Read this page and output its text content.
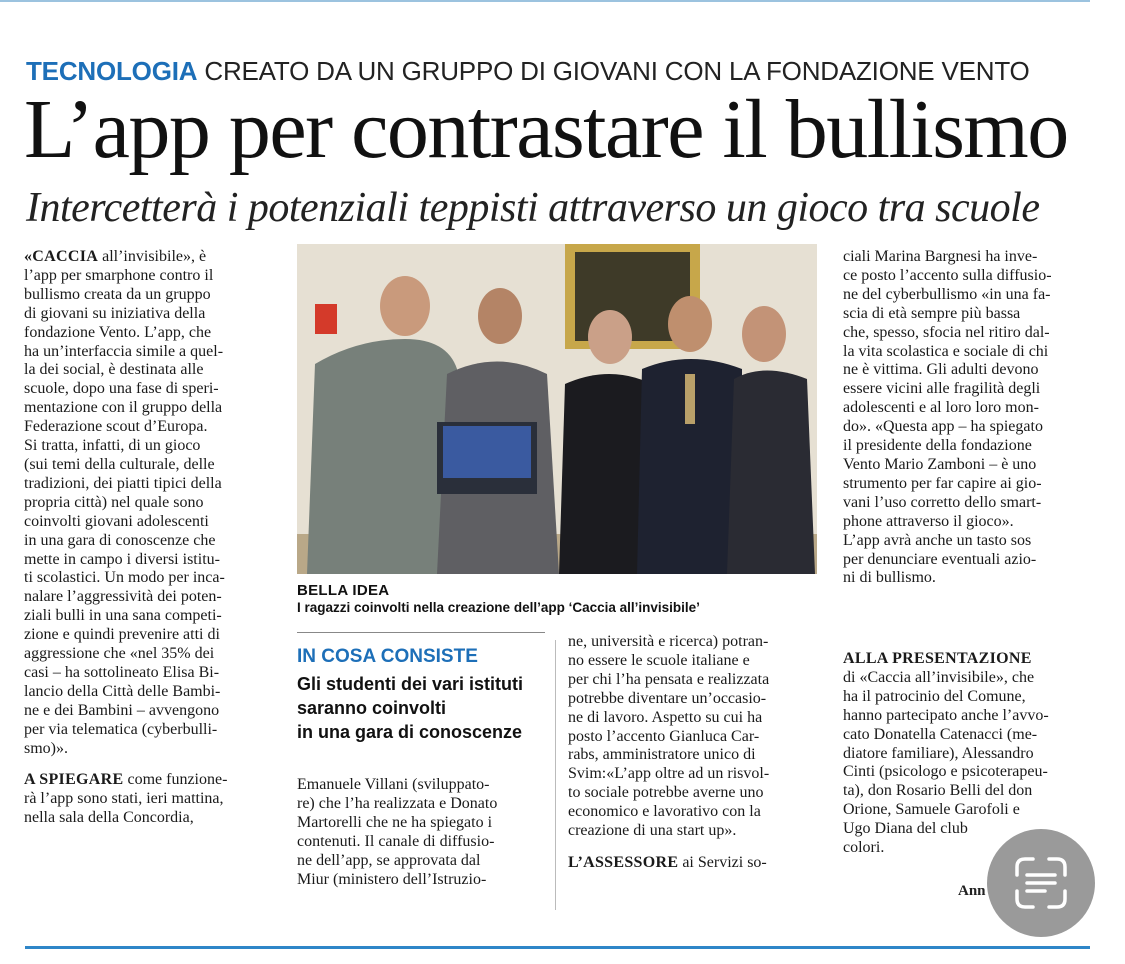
TECNOLOGIA CREATO DA UN GRUPPO DI GIOVANI CON LA FONDAZIONE VENTO
L’app per contrastare il bullismo
Intercetterà i potenziali teppisti attraverso un gioco tra scuole
«CACCIA all’invisibile», è
l’app per smarphone contro il
bullismo creata da un gruppo
di giovani su iniziativa della
fondazione Vento. L’app, che
ha un’interfaccia simile a quel-
la dei social, è destinata alle
scuole, dopo una fase di speri-
mentazione con il gruppo della
Federazione scout d’Europa.
Si tratta, infatti, di un gioco
(sui temi della culturale, delle
tradizioni, dei piatti tipici della
propria città) nel quale sono
coinvolti giovani adolescenti
in una gara di conoscenze che
mette in campo i diversi istitu-
ti scolastici. Un modo per inca-
nalare l’aggressività dei poten-
ziali bulli in una sana competi-
zione e quindi prevenire atti di
aggressione che «nel 35% dei
casi – ha sottolineato Elisa Bi-
lancio della Città delle Bambi-
ne e dei Bambini – avvengono
per via telematica (cyberbulli-
smo)».
A SPIEGARE come funzione-
rà l’app sono stati, ieri mattina,
nella sala della Concordia,
BELLA IDEA
I ragazzi coinvolti nella creazione dell’app ‘Caccia all’invisibile’
IN COSA CONSISTE
Gli studenti dei vari istituti
saranno coinvolti
in una gara di conoscenze
Emanuele Villani (sviluppato-
re) che l’ha realizzata e Donato
Martorelli che ne ha spiegato i
contenuti. Il canale di diffusio-
ne dell’app, se approvata dal
Miur (ministero dell’Istruzio-
ne, università e ricerca) potran-
no essere le scuole italiane e
per chi l’ha pensata e realizzata
potrebbe diventare un’occasio-
ne di lavoro. Aspetto su cui ha
posto l’accento Gianluca Car-
rabs, amministratore unico di
Svim:«L’app oltre ad un risvol-
to sociale potrebbe averne uno
economico e lavorativo con la
creazione di una start up».
L’ASSESSORE ai Servizi so-
ciali Marina Bargnesi ha inve-
ce posto l’accento sulla diffusio-
ne del cyberbullismo «in una fa-
scia di età sempre più bassa
che, spesso, sfocia nel ritiro dal-
la vita scolastica e sociale di chi
ne è vittima. Gli adulti devono
essere vicini alle fragilità degli
adolescenti e al loro loro mon-
do». «Questa app – ha spiegato
il presidente della fondazione
Vento Mario Zamboni – è uno
strumento per far capire ai gio-
vani l’uso corretto dello smart-
phone attraverso il gioco».
L’app avrà anche un tasto sos
per denunciare eventuali azio-
ni di bullismo.
ALLA PRESENTAZIONE
di «Caccia all’invisibile», che
ha il patrocinio del Comune,
hanno partecipato anche l’avvo-
cato Donatella Catenacci (me-
diatore familiare), Alessandro
Cinti (psicologo e psicoterapeu-
ta), don Rosario Belli del don
Orione, Samuele Garofoli e
Ugo Diana del club
colori.
Ann
